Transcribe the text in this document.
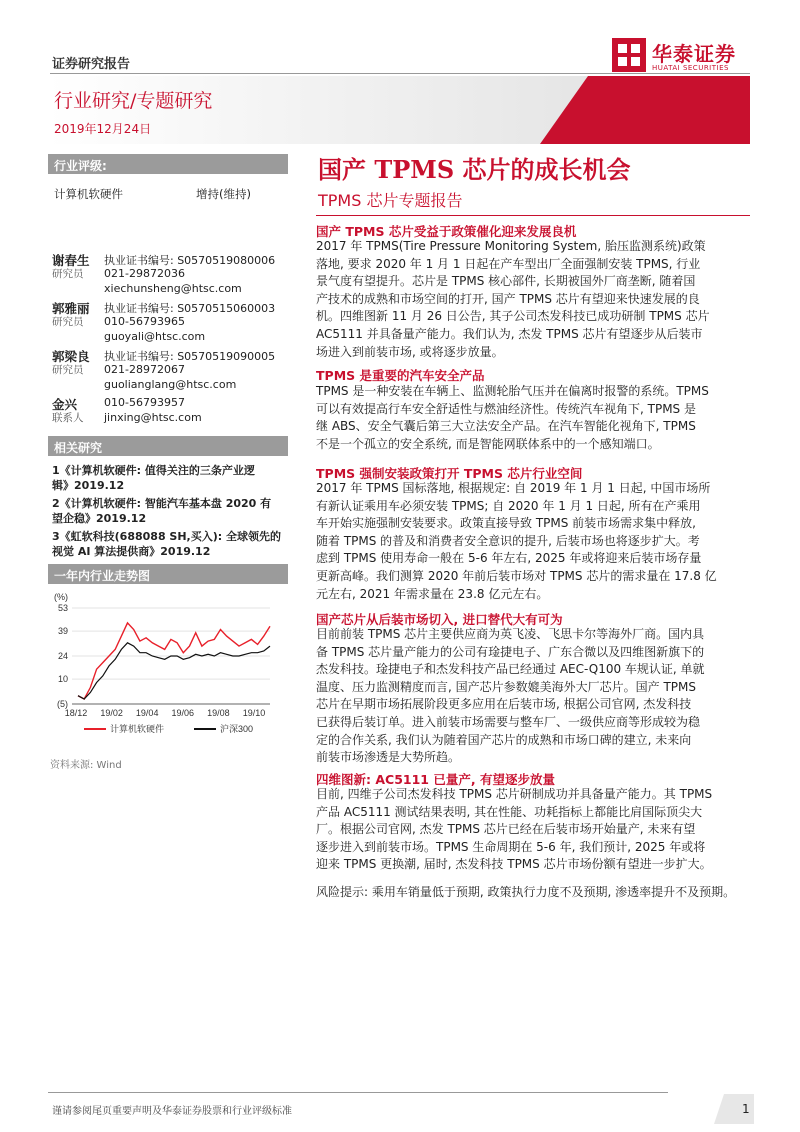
证券研究报告
行业研究/专题研究
2019年12月24日
华泰证券
HUATAI SECURITIES
国产 TPMS 芯片的成长机会
TPMS 芯片专题报告
行业评级:
计算机软硬件	增持(维持)
谢春生
研究员
执业证书编号: S0570519080006
021-29872036
xiechunsheng@htsc.com
郭雅丽
研究员
执业证书编号: S0570515060003
010-56793965
guoyali@htsc.com
郭梁良
研究员
执业证书编号: S0570519090005
021-28972067
guolianglang@htsc.com
金兴
联系人
010-56793957
jinxing@htsc.com
相关研究
1《计算机软硬件: 值得关注的三条产业逻
辑》2019.12
2《计算机软硬件: 智能汽车基本盘 2020 有
望企稳》2019.12
3《虹软科技(688088 SH,买入): 全球领先的
视觉 AI 算法提供商》2019.12
一年内行业走势图
(%)
53
39
24
10
(5)
18/12 19/02 19/04 19/06 19/08 19/10
计算机软硬件	沪深300
资料来源: Wind
国产 TPMS 芯片受益于政策催化迎来发展良机
2017 年 TPMS(Tire Pressure Monitoring System, 胎压监测系统)政策
落地, 要求 2020 年 1 月 1 日起在产车型出厂全面强制安装 TPMS, 行业
景气度有望提升。芯片是 TPMS 核心部件, 长期被国外厂商垄断, 随着国
产技术的成熟和市场空间的打开, 国产 TPMS 芯片有望迎来快速发展的良
机。四维图新 11 月 26 日公告, 其子公司杰发科技已成功研制 TPMS 芯片
AC5111 并具备量产能力。我们认为, 杰发 TPMS 芯片有望逐步从后装市
场进入到前装市场, 或将逐步放量。
TPMS 是重要的汽车安全产品
TPMS 是一种安装在车辆上、监测轮胎气压并在偏离时报警的系统。TPMS
可以有效提高行车安全舒适性与燃油经济性。传统汽车视角下, TPMS 是
继 ABS、安全气囊后第三大立法安全产品。在汽车智能化视角下, TPMS
不是一个孤立的安全系统, 而是智能网联体系中的一个感知端口。
TPMS 强制安装政策打开 TPMS 芯片行业空间
2017 年 TPMS 国标落地, 根据规定: 自 2019 年 1 月 1 日起, 中国市场所
有新认证乘用车必须安装 TPMS; 自 2020 年 1 月 1 日起, 所有在产乘用
车开始实施强制安装要求。政策直接导致 TPMS 前装市场需求集中释放,
随着 TPMS 的普及和消费者安全意识的提升, 后装市场也将逐步扩大。考
虑到 TPMS 使用寿命一般在 5-6 年左右, 2025 年或将迎来后装市场存量
更新高峰。我们测算 2020 年前后装市场对 TPMS 芯片的需求量在 17.8 亿
元左右, 2021 年需求量在 23.8 亿元左右。
国产芯片从后装市场切入, 进口替代大有可为
目前前装 TPMS 芯片主要供应商为英飞凌、飞思卡尔等海外厂商。国内具
备 TPMS 芯片量产能力的公司有琻捷电子、广东合微以及四维图新旗下的
杰发科技。琻捷电子和杰发科技产品已经通过 AEC-Q100 车规认证, 单就
温度、压力监测精度而言, 国产芯片参数媲美海外大厂芯片。国产 TPMS
芯片在早期市场拓展阶段更多应用在后装市场, 根据公司官网, 杰发科技
已获得后装订单。进入前装市场需要与整车厂、一级供应商等形成较为稳
定的合作关系, 我们认为随着国产芯片的成熟和市场口碑的建立, 未来向
前装市场渗透是大势所趋。
四维图新: AC5111 已量产, 有望逐步放量
目前, 四维子公司杰发科技 TPMS 芯片研制成功并具备量产能力。其 TPMS
产品 AC5111 测试结果表明, 其在性能、功耗指标上都能比肩国际顶尖大
厂。根据公司官网, 杰发 TPMS 芯片已经在后装市场开始量产, 未来有望
逐步进入到前装市场。TPMS 生命周期在 5-6 年, 我们预计, 2025 年或将
迎来 TPMS 更换潮, 届时, 杰发科技 TPMS 芯片市场份额有望进一步扩大。
风险提示: 乘用车销量低于预期, 政策执行力度不及预期, 渗透率提升不及预期。
谨请参阅尾页重要声明及华泰证券股票和行业评级标准	1
